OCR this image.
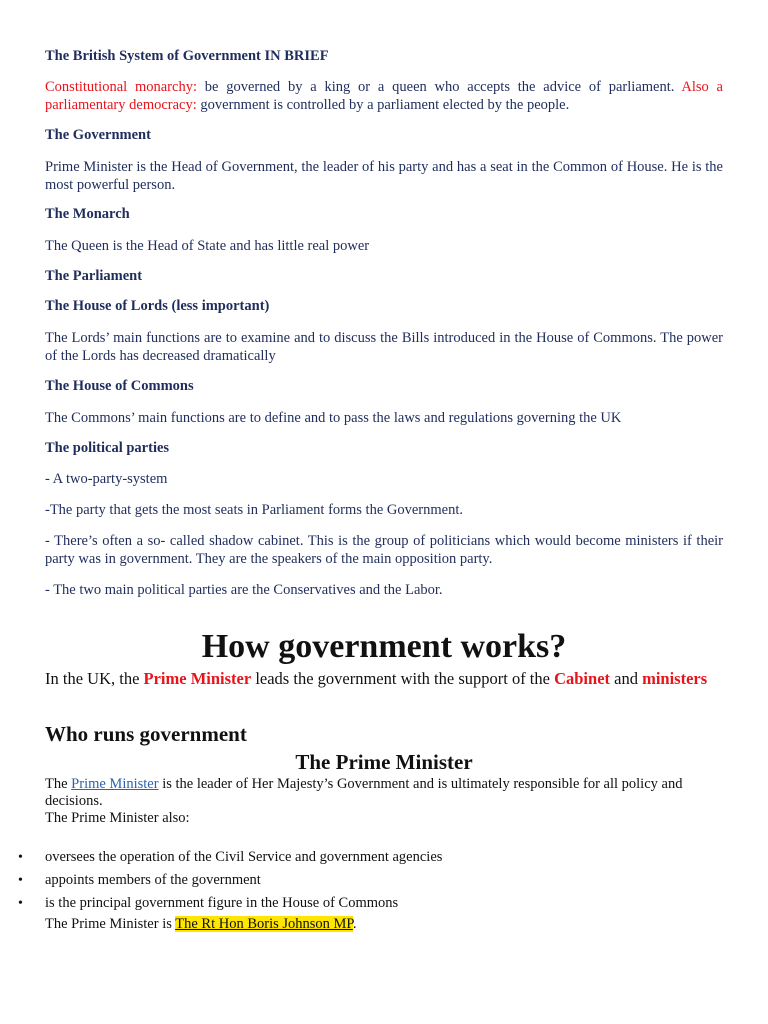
The British System of Government IN BRIEF

Constitutional monarchy: be governed by a king or a queen who accepts the advice of parliament. Also a parliamentary democracy: government is controlled by a parliament elected by the people.

The Government

Prime Minister is the Head of Government, the leader of his party and has a seat in the Common of House. He is the most powerful person.

The Monarch

The Queen is the Head of State and has little real power

The Parliament

The House of Lords (less important)

The Lords’ main functions are to examine and to discuss the Bills introduced in the House of Commons. The power of the Lords has decreased dramatically

The House of Commons

The Commons’ main functions are to define and to pass the laws and regulations governing the UK

The political parties

- A two-party-system

-The party that gets the most seats in Parliament forms the Government.

- There’s often a so- called shadow cabinet. This is the group of politicians which would become ministers if their party was in government. They are the speakers of the main opposition party.

- The two main political parties are the Conservatives and the Labor.

How government works?

In the UK, the Prime Minister leads the government with the support of the Cabinet and ministers

Who runs government
The Prime Minister

The Prime Minister is the leader of Her Majesty’s Government and is ultimately responsible for all policy and decisions.
The Prime Minister also:

• oversees the operation of the Civil Service and government agencies
• appoints members of the government
• is the principal government figure in the House of Commons

The Prime Minister is The Rt Hon Boris Johnson MP.
